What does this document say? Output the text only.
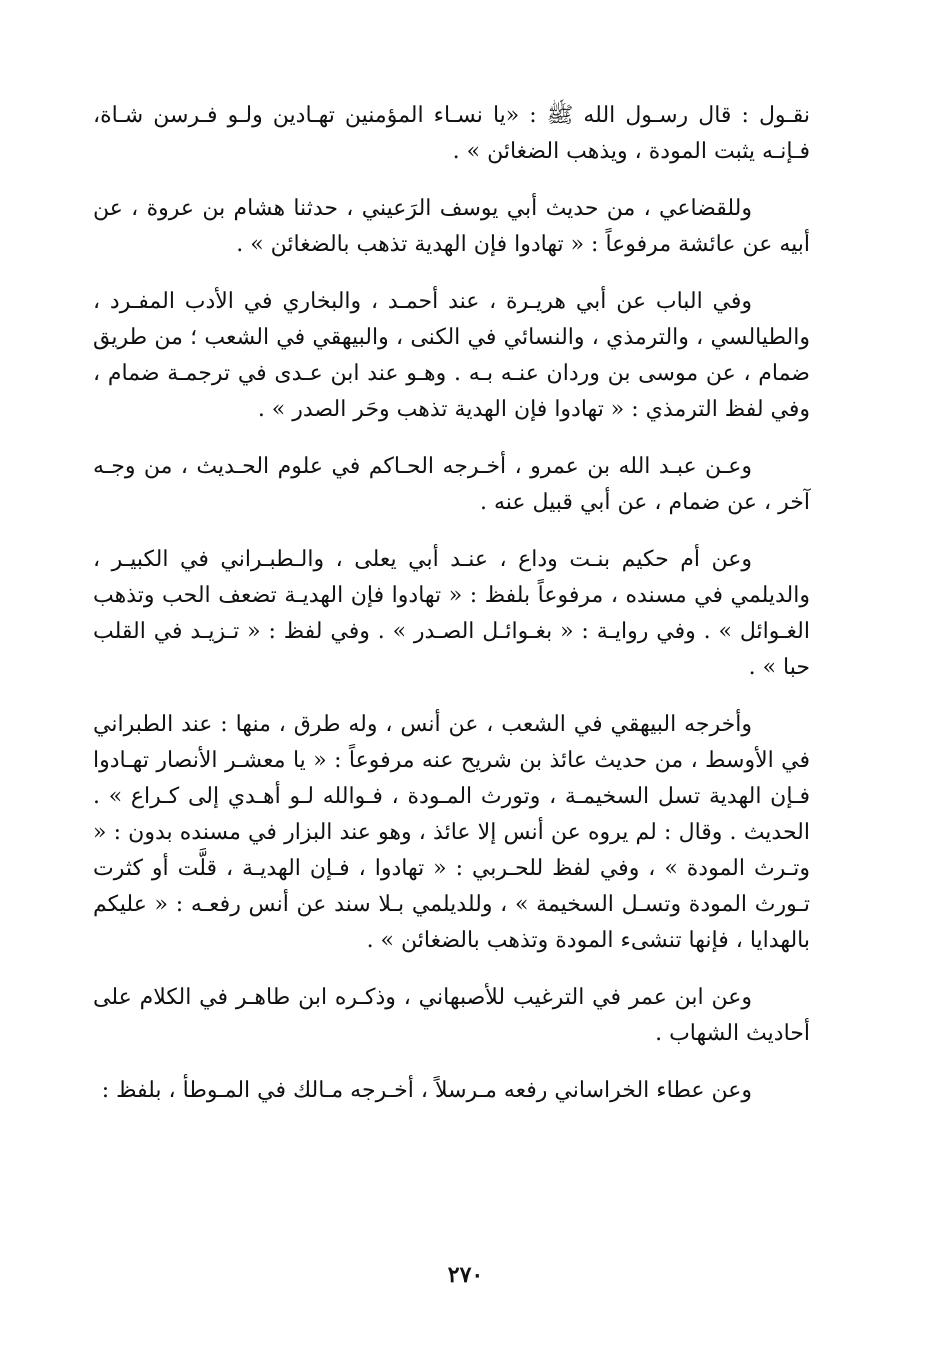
نقـول : قال رسـول الله ﷺ : «يا نسـاء المؤمنين تهـادين ولـو فـرسن شـاة، فـإنـه يثبت المودة ، ويذهب الضغائن » .

وللقضاعي ، من حديث أبي يوسف الرَعيني ، حدثنا هشام بن عروة ، عن أبيه عن عائشة مرفوعاً : « تهادوا فإن الهدية تذهب بالضغائن » .

وفي الباب عن أبي هريـرة ، عند أحمـد ، والبخاري في الأدب المفـرد ، والطيالسي ، والترمذي ، والنسائي في الكنى ، والبيهقي في الشعب ؛ من طريق ضمام ، عن موسى بن وردان عنـه بـه . وهـو عند ابن عـدى في ترجمـة ضمام ، وفي لفظ الترمذي : « تهادوا فإن الهدية تذهب وحَر الصدر » .

وعـن عبـد الله بن عمرو ، أخـرجه الحـاكم في علوم الحـديث ، من وجـه آخر ، عن ضمام ، عن أبي قبيل عنه .

وعن أم حكيم بنـت وداع ، عنـد أبي يعلى ، والـطبـراني في الكبيـر ، والديلمي في مسنده ، مرفوعاً بلفظ : « تهادوا فإن الهديـة تضعف الحب وتذهب الغـوائل » . وفي روايـة : « بغـوائـل الصـدر » . وفي لفظ : « تـزيـد في القلب حبا » .

وأخرجه البيهقي في الشعب ، عن أنس ، وله طرق ، منها : عند الطبراني في الأوسط ، من حديث عائذ بن شريح عنه مرفوعاً : « يا معشـر الأنصار تهـادوا فـإن الهدية تسل السخيمـة ، وتورث المـودة ، فـوالله لـو أهـدي إلى كـراع » . الحديث . وقال : لم يروه عن أنس إلا عائذ ، وهو عند البزار في مسنده بدون : « وتـرث المودة » ، وفي لفظ للحـربي : « تهادوا ، فـإن الهديـة ، قلَّت أو كثرت تـورث المودة وتسـل السخيمة » ، وللديلمي بـلا سند عن أنس رفعـه : « عليكم بالهدايا ، فإنها تنشىء المودة وتذهب بالضغائن » .

وعن ابن عمر في الترغيب للأصبهاني ، وذكـره ابن طاهـر في الكلام على أحاديث الشهاب .

وعن عطاء الخراساني رفعه مـرسلاً ، أخـرجه مـالك في المـوطأ ، بلفظ :

٢٧٠
